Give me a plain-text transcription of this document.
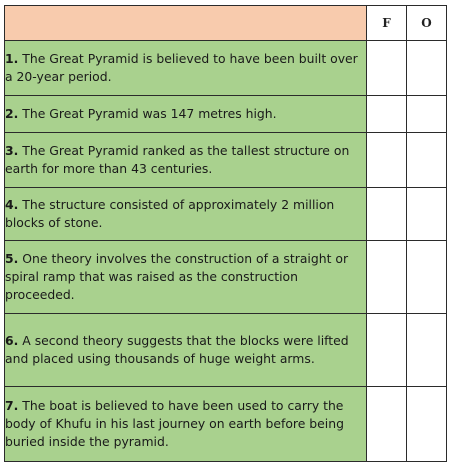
	F	O
1. The Great Pyramid is believed to have been built over a 20-year period.		
2. The Great Pyramid was 147 metres high.		
3. The Great Pyramid ranked as the tallest structure on earth for more than 43 centuries.		
4. The structure consisted of approximately 2 million blocks of stone.		
5. One theory involves the construction of a straight or spiral ramp that was raised as the construction proceeded.		
6. A second theory suggests that the blocks were lifted and placed using thousands of huge weight arms.		
7. The boat is believed to have been used to carry the body of Khufu in his last journey on earth before being buried inside the pyramid.		
